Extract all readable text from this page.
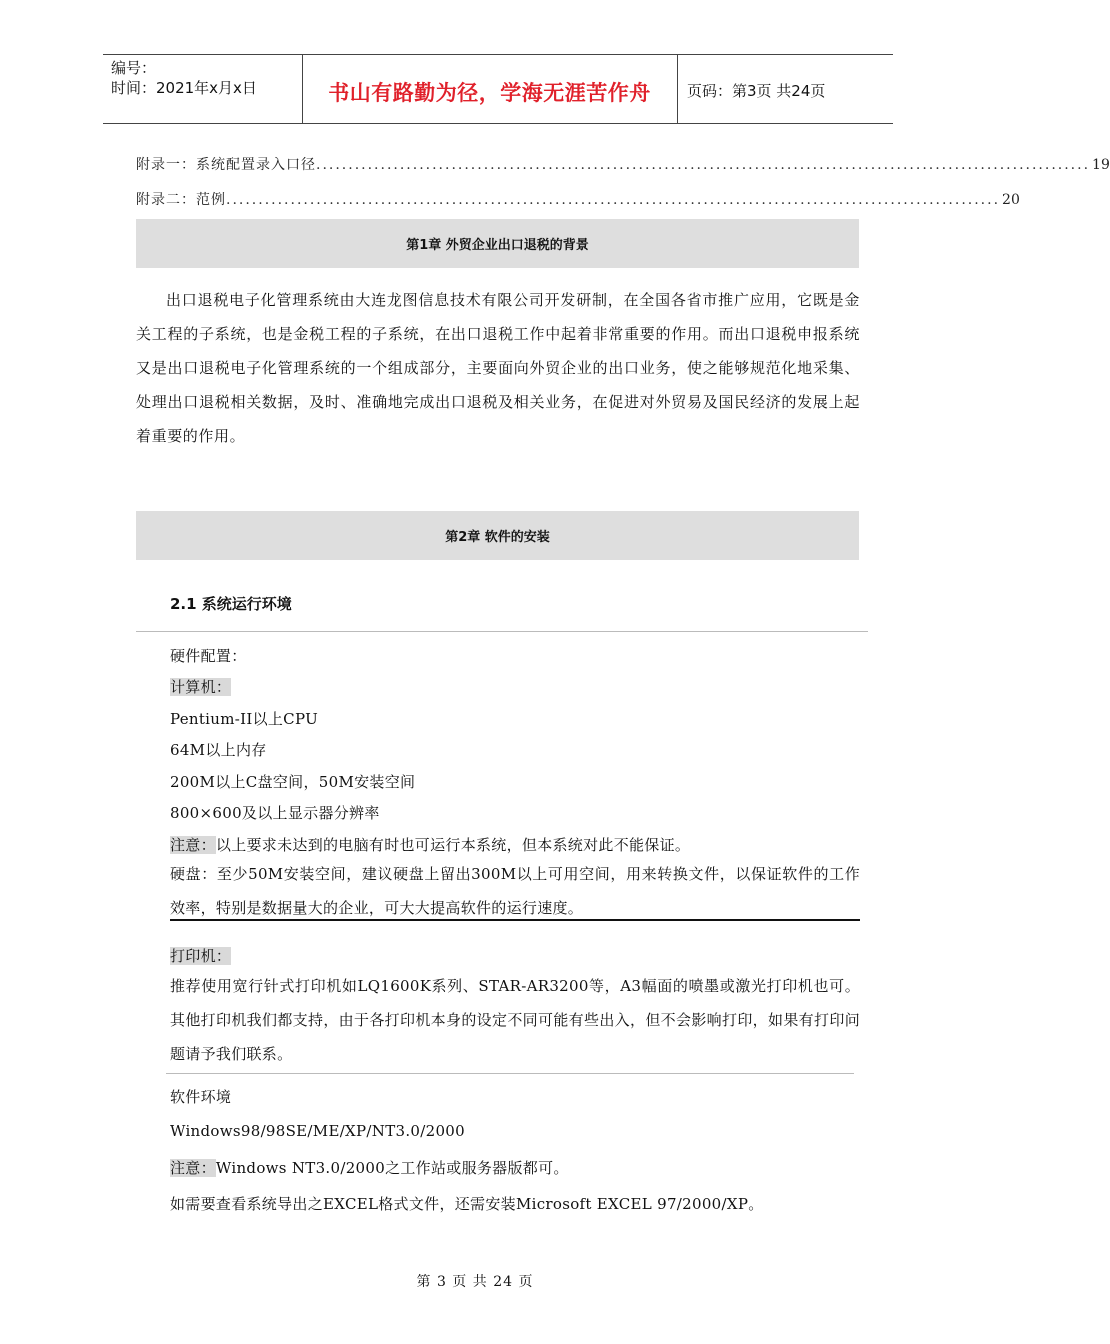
编号：
时间：2021年x月x日	书山有路勤为径，学海无涯苦作舟	页码：第3页 共24页
附录一：系统配置录入口径 ........................................................................................................................ 19
附录二：范例 ........................................................................................................................ 20
第1章 外贸企业出口退税的背景

出口退税电子化管理系统由大连龙图信息技术有限公司开发研制，在全国各省市推广应用，它既是金关工程的子系统，也是金税工程的子系统，在出口退税工作中起着非常重要的作用。而出口退税申报系统又是出口退税电子化管理系统的一个组成部分，主要面向外贸企业的出口业务，使之能够规范化地采集、处理出口退税相关数据，及时、准确地完成出口退税及相关业务，在促进对外贸易及国民经济的发展上起着重要的作用。

第2章 软件的安装
2.1 系统运行环境
硬件配置：
计算机：
Pentium-II以上CPU
64M以上内存
200M以上C盘空间，50M安装空间
800×600及以上显示器分辨率
注意：以上要求未达到的电脑有时也可运行本系统，但本系统对此不能保证。

硬盘：至少50M安装空间，建议硬盘上留出300M以上可用空间，用来转换文件，以保证软件的工作效率，特别是数据量大的企业，可大大提高软件的运行速度。

打印机：

推荐使用宽行针式打印机如LQ1600K系列、STAR-AR3200等，A3幅面的喷墨或激光打印机也可。其他打印机我们都支持，由于各打印机本身的设定不同可能有些出入，但不会影响打印，如果有打印问题请予我们联系。

软件环境
Windows98/98SE/ME/XP/NT3.0/2000
注意：Windows NT3.0/2000之工作站或服务器版都可。
如需要查看系统导出之EXCEL格式文件，还需安装Microsoft EXCEL 97/2000/XP。
第 3 页 共 24 页
